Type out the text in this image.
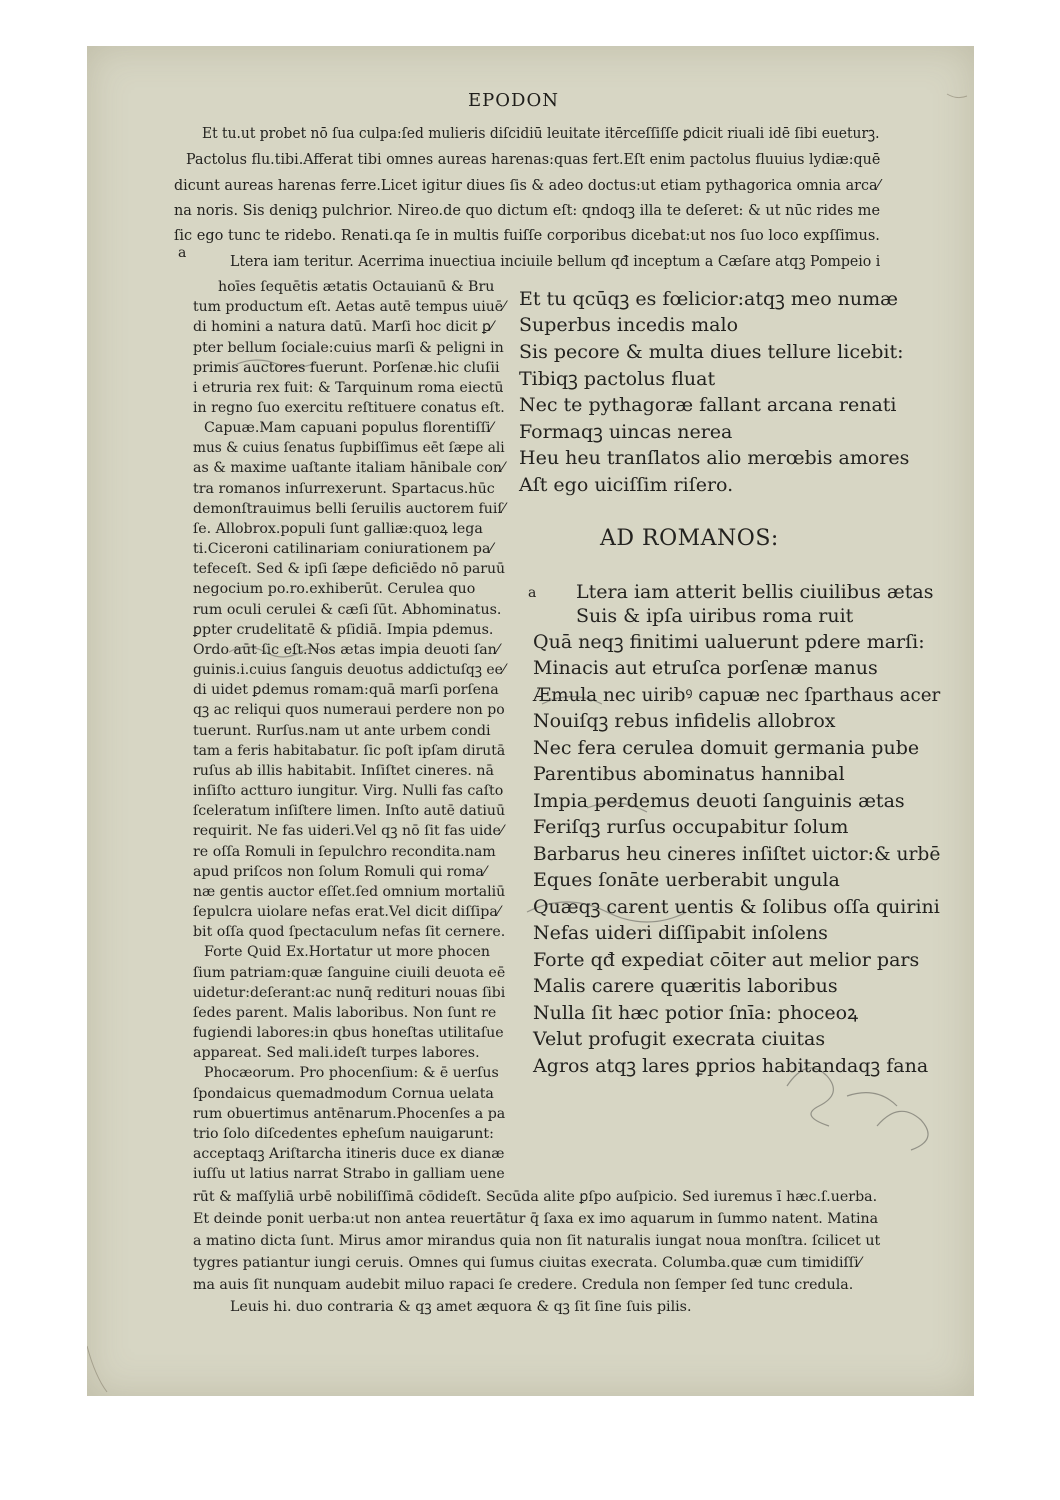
EPODON
a
a
Et tu.ut probet nō ſua culpa:ſed mulieris diſcidiū leuitate itērceſſiſſe ꝑdicit riuali idē ſibi eueturꝫ.
Pactolus flu.tibi.Afferat tibi omnes aureas harenas:quas fert.Eſt enim pactolus fluuius lydiæ:quē
dicunt aureas harenas ferre.Licet igitur diues ſis & adeo doctus:ut etiam pythagorica omnia arca⁄
na noris. Sis deniqꝫ pulchrior. Nireo.de quo dictum eſt: qndoqꝫ illa te deſeret: & ut nūc rides me
ſic ego tunc te ridebo. Renati.qa ſe in multis fuiſſe corporibus dicebat:ut nos ſuo loco expſſimus.
Ltera iam teritur. Acerrima inuectiua inciuile bellum qđ inceptum a Cæſare atqꝫ Pompeio i
hoīes ſequētis ætatis Octauianū & Bru
tum productum eſt. Aetas autē tempus uiuē⁄
di homini a natura datū. Marſi hoc dicit ꝑ⁄
pter bellum ſociale:cuius marſi & peligni in
primis auctores fuerunt. Porſenæ.hic cluſii
i etruria rex fuit: & Tarquinum roma eiectū
in regno ſuo exercitu reſtituere conatus eſt.
Capuæ.Mam capuani populus florentiſſi⁄
mus & cuius ſenatus ſupbiſſimus eēt ſæpe ali
as & maxime uaſtante italiam hānibale con⁄
tra romanos inſurrexerunt. Spartacus.hūc
demonſtrauimus belli ſeruilis auctorem fuiſ⁄
ſe. Allobrox.populi ſunt galliæ:quoꝝ lega
ti.Ciceroni catilinariam coniurationem pa⁄
tefeceſt. Sed & ipſi ſæpe deficiēdo nō paruū
negocium po.ro.exhiberūt. Cerulea quo
rum oculi cerulei & cæſi ſūt. Abhominatus.
ꝑpter crudelitatē & pſidiā. Impia pdemus.
Ordo aūt ſic eſt.Nos ætas impia deuoti ſan⁄
guinis.i.cuius ſanguis deuotus addictuſqꝫ ee⁄
di uidet ꝑdemus romam:quā marſi porſena
qꝫ ac reliqui quos numeraui perdere non po
tuerunt. Rurſus.nam ut ante urbem condi
tam a feris habitabatur. ſic poſt ipſam dirutā
ruſus ab illis habitabit. Inſiſtet cineres. nā
inſiſto actturo iungitur. Virg. Nulli fas caſto
ſceleratum inſiſtere limen. Inſto autē datiuū
requirit. Ne fas uideri.Vel qꝫ nō ſit fas uide⁄
re oſſa Romuli in ſepulchro recondita.nam
apud priſcos non ſolum Romuli qui roma⁄
næ gentis auctor eſſet.ſed omnium mortaliū
ſepulcra uiolare nefas erat.Vel dicit diſſipa⁄
bit oſſa quod ſpectaculum nefas ſit cernere.
Forte Quid Ex.Hortatur ut more phocen
ſium patriam:quæ ſanguine ciuili deuota eē
uidetur:deſerant:ac nunq̄ redituri nouas ſibi
ſedes parent. Malis laboribus. Non ſunt re
fugiendi labores:in qbus honeſtas utilitaſue
appareat. Sed mali.ideſt turpes labores.
Phocæorum. Pro phocenſium: & ē uerſus
ſpondaicus quemadmodum Cornua uelata
rum obuertimus antēnarum.Phocenſes a pa
trio ſolo diſcedentes epheſum nauigarunt:
acceptaqꝫ Ariſtarcha itineris duce ex dianæ
iuſſu ut latius narrat Strabo in galliam uene
Et tu qcūqꝫ es fœlicior:atqꝫ meo numæ
Superbus incedis malo
Sis pecore & multa diues tellure licebit:
Tibiqꝫ pactolus fluat
Nec te pythagoræ fallant arcana renati
Formaqꝫ uincas nerea
Heu heu tranſlatos alio merœbis amores
Aſt ego uiciſſim riſero.
AD ROMANOS:
Ltera iam atterit bellis ciuilibus ætas
Suis & ipſa uiribus roma ruit
Quā neqꝫ finitimi ualuerunt pdere marſi:
Minacis aut etruſca porſenæ manus
Æmula nec uiribꝰ capuæ nec ſparthaus acer
Nouiſqꝫ rebus infidelis allobrox
Nec fera cerulea domuit germania pube
Parentibus abominatus hannibal
Impia perdemus deuoti ſanguinis ætas
Feriſqꝫ rurſus occupabitur ſolum
Barbarus heu cineres inſiſtet uictor:& urbē
Eques ſonāte uerberabit ungula
Quæqꝫ carent uentis & ſolibus oſſa quirini
Nefas uideri diſſipabit inſolens
Forte qđ expediat cōiter aut melior pars
Malis carere quæritis laboribus
Nulla ſit hæc potior ſnīa: phoceoꝝ
Velut profugit execrata ciuitas
Agros atqꝫ lares ꝑprios habitandaqꝫ fana
rūt & maſſyliā urbē nobiliſſimā cōdideſt. Secūda alite ꝑſpo auſpicio. Sed iuremus ī hæc.ſ.uerba.
Et deinde ponit uerba:ut non antea reuertātur q̄ ſaxa ex imo aquarum in ſummo natent. Matina
a matino dicta ſunt. Mirus amor mirandus quia non ſit naturalis iungat noua monſtra. ſcilicet ut
tygres patiantur iungi ceruis. Omnes qui ſumus ciuitas execrata. Columba.quæ cum timidiſſi⁄
ma auis ſit nunquam audebit miluo rapaci ſe credere. Credula non ſemper ſed tunc credula.
Leuis hi. duo contraria & qꝫ amet æquora & qꝫ ſit ſine ſuis pilis.
